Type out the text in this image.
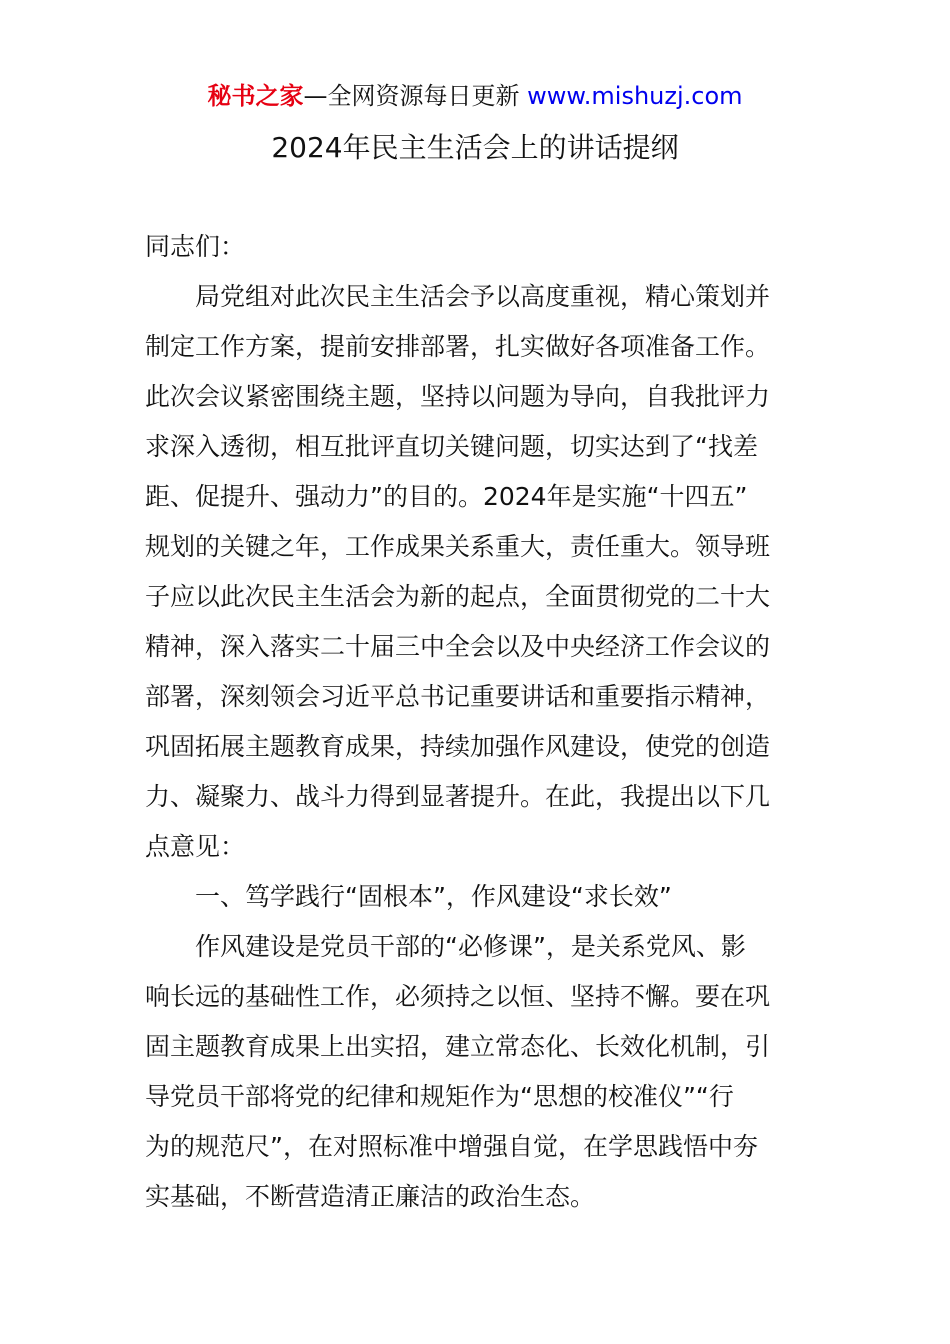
秘书之家—全网资源每日更新 www.mishuzj.com
2024年民主生活会上的讲话提纲

同志们：

局党组对此次民主生活会予以高度重视，精心策划并
制定工作方案，提前安排部署，扎实做好各项准备工作。
此次会议紧密围绕主题，坚持以问题为导向，自我批评力
求深入透彻，相互批评直切关键问题，切实达到了“找差
距、促提升、强动力”的目的。2024年是实施“十四五”
规划的关键之年，工作成果关系重大，责任重大。领导班
子应以此次民主生活会为新的起点，全面贯彻党的二十大
精神，深入落实二十届三中全会以及中央经济工作会议的
部署，深刻领会习近平总书记重要讲话和重要指示精神，
巩固拓展主题教育成果，持续加强作风建设，使党的创造
力、凝聚力、战斗力得到显著提升。在此，我提出以下几
点意见：

一、笃学践行“固根本”，作风建设“求长效”

作风建设是党员干部的“必修课”，是关系党风、影
响长远的基础性工作，必须持之以恒、坚持不懈。要在巩
固主题教育成果上出实招，建立常态化、长效化机制，引
导党员干部将党的纪律和规矩作为“思想的校准仪”“行
为的规范尺”，在对照标准中增强自觉，在学思践悟中夯
实基础，不断营造清正廉洁的政治生态。
